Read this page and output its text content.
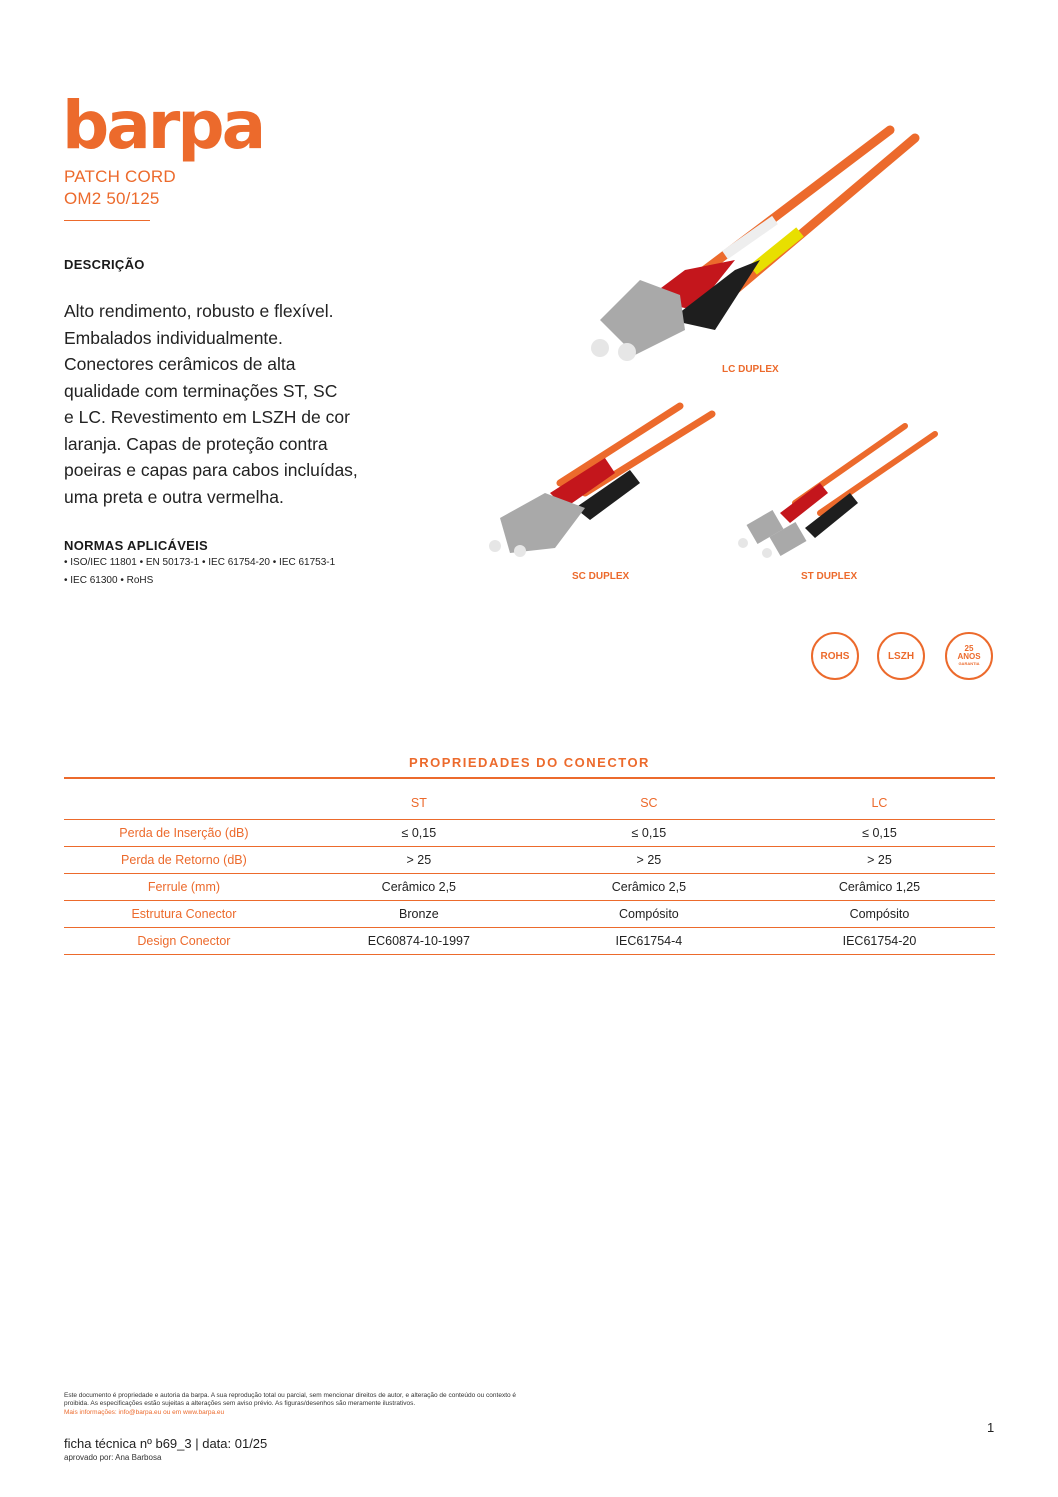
barpa
PATCH CORD
OM2 50/125
DESCRIÇÃO
Alto rendimento, robusto e flexível.
Embalados individualmente.
Conectores cerâmicos de alta
qualidade com terminações ST, SC
e LC. Revestimento em LSZH de cor
laranja. Capas de proteção contra
poeiras e capas para cabos incluídas,
uma preta e outra vermelha.
NORMAS APLICÁVEIS
• ISO/IEC 11801 • EN 50173-1 • IEC 61754-20 • IEC 61753-1
• IEC 61300 • RoHS
LC DUPLEX
SC DUPLEX	ST DUPLEX
ROHS	LSZH
25
ANOS
GARANTIA
PROPRIEDADES DO CONECTOR
	ST	SC	LC
Perda de Inserção (dB)	≤ 0,15	≤ 0,15	≤ 0,15
Perda de Retorno (dB)	> 25	> 25	> 25
Ferrule (mm)	Cerâmico 2,5	Cerâmico 2,5	Cerâmico 1,25
Estrutura Conector	Bronze	Compósito	Compósito
Design Conector	EC60874-10-1997	IEC61754-4	IEC61754-20
Este documento é propriedade e autoria da barpa. A sua reprodução total ou parcial, sem mencionar direitos de autor, e alteração de conteúdo ou contexto é proibida. As especificações estão sujeitas a alterações sem aviso prévio. As figuras/desenhos são meramente ilustrativos.
Mais informações: info@barpa.eu ou em www.barpa.eu
ficha técnica nº b69_3 | data: 01/25
aprovado por: Ana Barbosa
1
